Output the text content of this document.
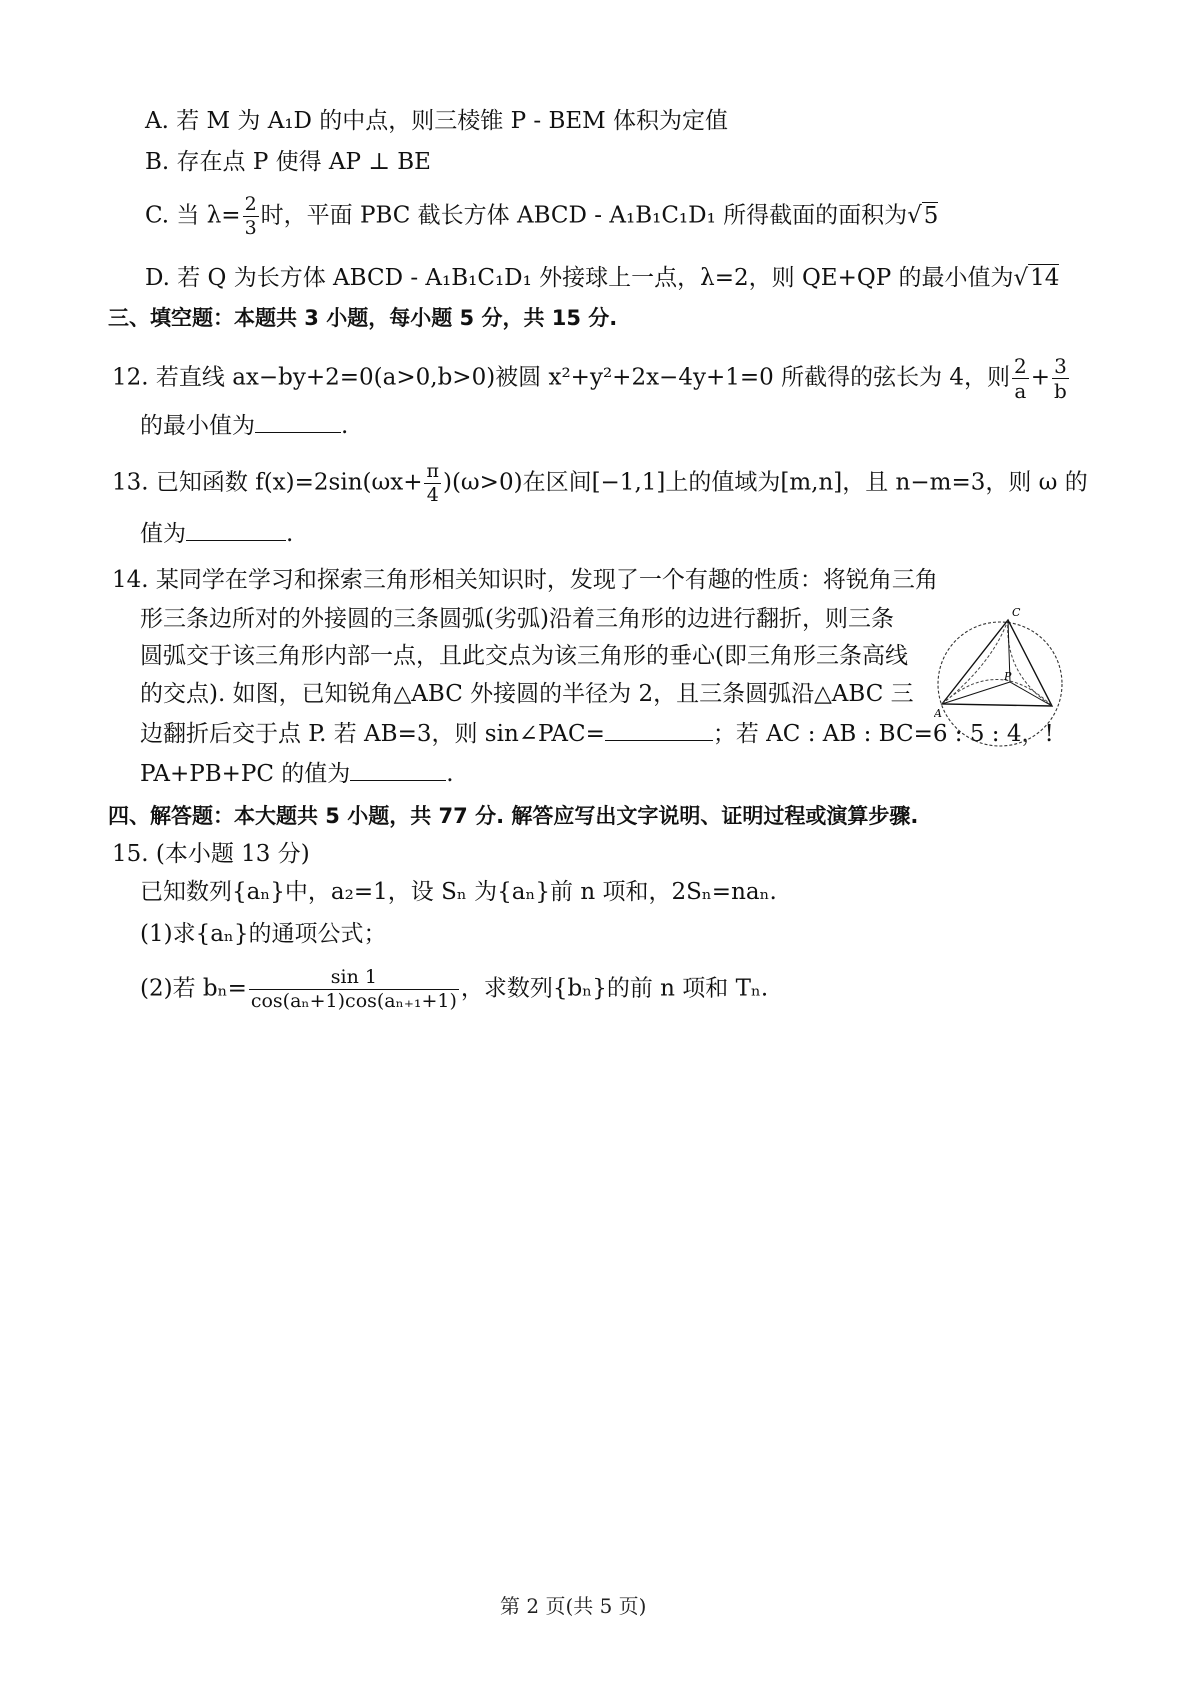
A. 若 M 为 A₁D 的中点，则三棱锥 P - BEM 体积为定值
B. 存在点 P 使得 AP ⊥ BE
C. 当 $\lambda= \frac{2}{3}$ 时，平面 PBC 截长方体 ABCD - A₁B₁C₁D₁ 所得截面的面积为√5
D. 若 Q 为长方体 ABCD - A₁B₁C₁D₁ 外接球上一点，λ=2，则 QE+QP 的最小值为√14
三、填空题：本题共 3 小题，每小题 5 分，共 15 分.
12. 若直线 ax−by+2=0(a>0,b>0)被圆 x²+y²+2x−4y+1=0 所截得的弦长为 4，则 $\frac{2}{a} + \frac{3}{b}$
的最小值为	.
13. 已知函数 $f(x)=2\sin(\omega x+ \frac{\pi}{4} )(\omega>0)$在区间[−1,1]上的值域为[m,n]，且 n−m=3，则 ω 的
值为	.
14. 某同学在学习和探索三角形相关知识时，发现了一个有趣的性质：将锐角三角
形三条边所对的外接圆的三条圆弧(劣弧)沿着三角形的边进行翻折，则三条
圆弧交于该三角形内部一点，且此交点为该三角形的垂心(即三角形三条高线
的交点). 如图，已知锐角△ABC 外接圆的半径为 2，且三条圆弧沿△ABC 三
边翻折后交于点 P. 若 AB=3，则 sin∠PAC=	；若 AC : AB : BC=6 : 5 : 4，!
PA+PB+PC 的值为	.
C
P
A
四、解答题：本大题共 5 小题，共 77 分. 解答应写出文字说明、证明过程或演算步骤.
15. (本小题 13 分)
已知数列{aₙ}中，a₂=1，设 Sₙ 为{aₙ}前 n 项和，2Sₙ=naₙ.
(1)求{aₙ}的通项公式；
(2)若 $b_n= \frac{\sin 1}{\text{cos(aₙ+1)cos(aₙ₊₁+1)}}$ ，求数列{bₙ}的前 n 项和 Tₙ.
第 2 页(共 5 页)
